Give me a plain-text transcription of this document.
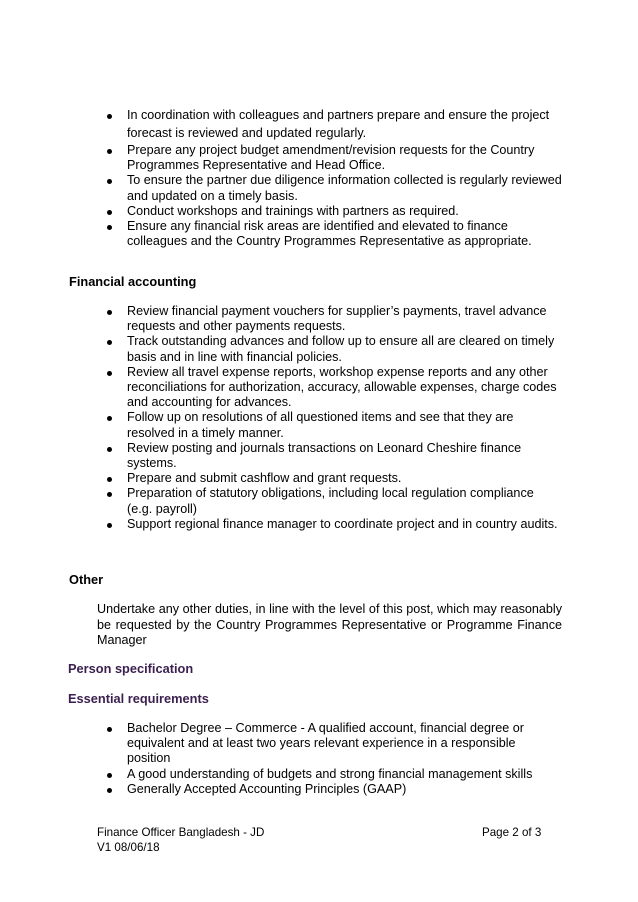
In coordination with colleagues and partners prepare and ensure the project forecast is reviewed and updated regularly.
Prepare any project budget amendment/revision requests for the Country Programmes Representative and Head Office.
To ensure the partner due diligence information collected is regularly reviewed and updated on a timely basis.
Conduct workshops and trainings with partners as required.
Ensure any financial risk areas are identified and elevated to finance colleagues and the Country Programmes Representative as appropriate.
Financial accounting
Review financial payment vouchers for supplier’s payments, travel advance requests and other payments requests.
Track outstanding advances and follow up to ensure all are cleared on timely basis and in line with financial policies.
Review all travel expense reports, workshop expense reports and any other reconciliations for authorization, accuracy, allowable expenses, charge codes and accounting for advances.
Follow up on resolutions of all questioned items and see that they are resolved in a timely manner.
Review posting and journals transactions on Leonard Cheshire finance systems.
Prepare and submit cashflow and grant requests.
Preparation of statutory obligations, including local regulation compliance (e.g. payroll)
Support regional finance manager to coordinate project and in country audits.
Other
Undertake any other duties, in line with the level of this post, which may reasonably be requested by the Country Programmes Representative or Programme Finance Manager
Person specification
Essential requirements
Bachelor Degree – Commerce - A qualified account, financial degree or equivalent and at least two years relevant experience in a responsible position
A good understanding of budgets and strong financial management skills
Generally Accepted Accounting Principles (GAAP)
Finance Officer Bangladesh - JD
V1 08/06/18
Page 2 of 3
